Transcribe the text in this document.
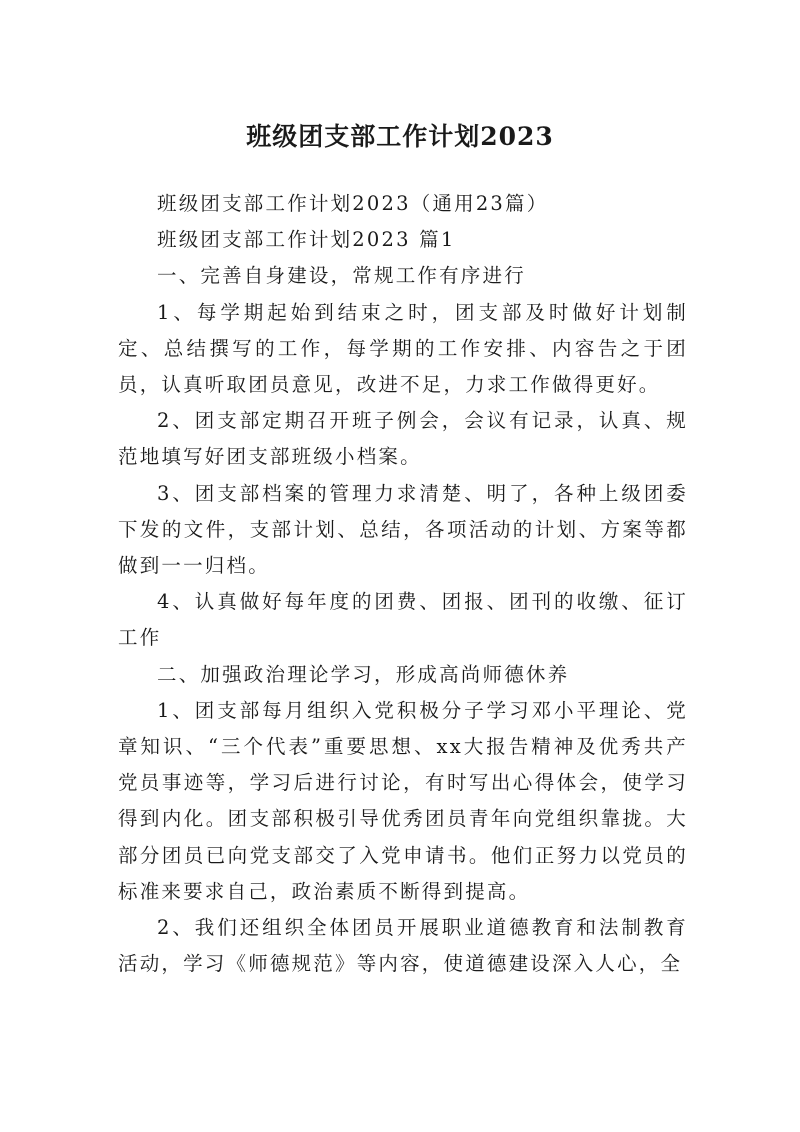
班级团支部工作计划2023

班级团支部工作计划2023（通用23篇）

班级团支部工作计划2023 篇1

一、完善自身建设，常规工作有序进行

1、每学期起始到结束之时，团支部及时做好计划制定、总结撰写的工作，每学期的工作安排、内容告之于团员，认真听取团员意见，改进不足，力求工作做得更好。

2、团支部定期召开班子例会，会议有记录，认真、规范地填写好团支部班级小档案。

3、团支部档案的管理力求清楚、明了，各种上级团委下发的文件，支部计划、总结，各项活动的计划、方案等都做到一一归档。

4、认真做好每年度的团费、团报、团刊的收缴、征订工作

二、加强政治理论学习，形成高尚师德休养

1、团支部每月组织入党积极分子学习邓小平理论、党章知识、“三个代表”重要思想、xx大报告精神及优秀共产党员事迹等，学习后进行讨论，有时写出心得体会，使学习得到内化。团支部积极引导优秀团员青年向党组织靠拢。大部分团员已向党支部交了入党申请书。他们正努力以党员的标准来要求自己，政治素质不断得到提高。

2、我们还组织全体团员开展职业道德教育和法制教育活动，学习《师德规范》等内容，使道德建设深入人心，全
